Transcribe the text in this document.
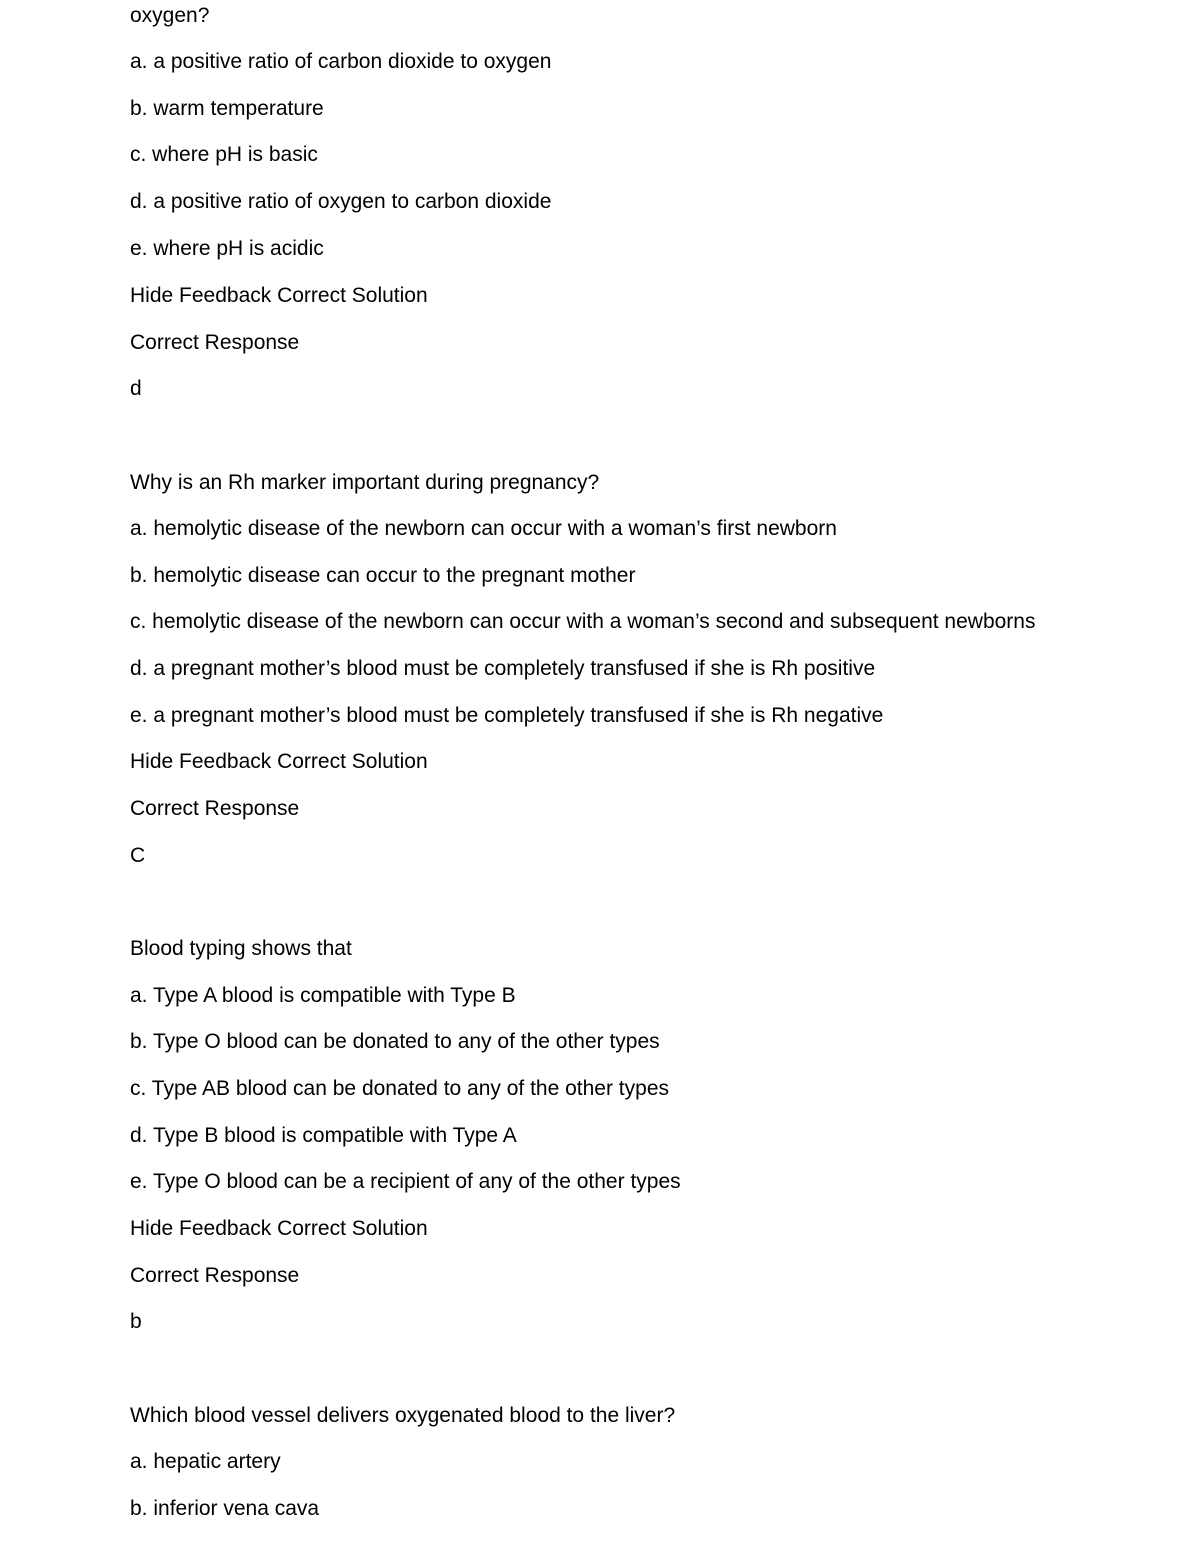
oxygen?
a. a positive ratio of carbon dioxide to oxygen
b. warm temperature
c. where pH is basic
d. a positive ratio of oxygen to carbon dioxide
e. where pH is acidic
Hide Feedback Correct Solution
Correct Response
d
Why is an Rh marker important during pregnancy?
a. hemolytic disease of the newborn can occur with a woman’s first newborn
b. hemolytic disease can occur to the pregnant mother
c. hemolytic disease of the newborn can occur with a woman’s second and subsequent newborns
d. a pregnant mother’s blood must be completely transfused if she is Rh positive
e. a pregnant mother’s blood must be completely transfused if she is Rh negative
Hide Feedback Correct Solution
Correct Response
C
Blood typing shows that
a. Type A blood is compatible with Type B
b. Type O blood can be donated to any of the other types
c. Type AB blood can be donated to any of the other types
d. Type B blood is compatible with Type A
e. Type O blood can be a recipient of any of the other types
Hide Feedback Correct Solution
Correct Response
b
Which blood vessel delivers oxygenated blood to the liver?
a. hepatic artery
b. inferior vena cava
